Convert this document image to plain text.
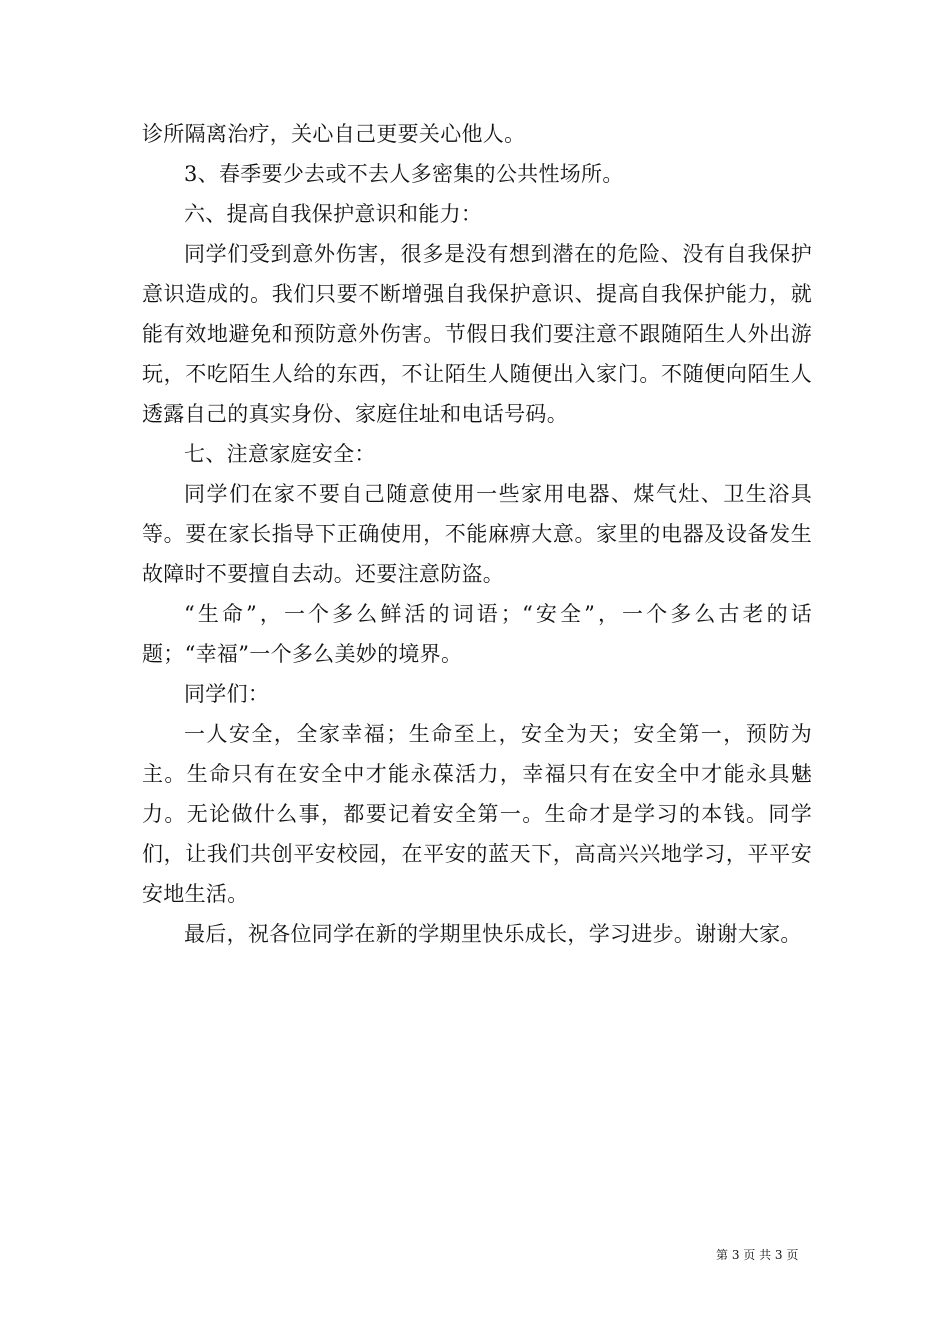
诊所隔离治疗，关心自己更要关心他人。

3、春季要少去或不去人多密集的公共性场所。

六、提高自我保护意识和能力：

同学们受到意外伤害，很多是没有想到潜在的危险、没有自我保护意识造成的。我们只要不断增强自我保护意识、提高自我保护能力，就能有效地避免和预防意外伤害。节假日我们要注意不跟随陌生人外出游玩，不吃陌生人给的东西，不让陌生人随便出入家门。不随便向陌生人透露自己的真实身份、家庭住址和电话号码。

七、注意家庭安全：

同学们在家不要自己随意使用一些家用电器、煤气灶、卫生浴具等。要在家长指导下正确使用，不能麻痹大意。家里的电器及设备发生故障时不要擅自去动。还要注意防盗。

“生命”，一个多么鲜活的词语；“安全”，一个多么古老的话题；“幸福”一个多么美妙的境界。

同学们：

一人安全，全家幸福；生命至上，安全为天；安全第一，预防为主。生命只有在安全中才能永葆活力，幸福只有在安全中才能永具魅力。无论做什么事，都要记着安全第一。生命才是学习的本钱。同学们，让我们共创平安校园，在平安的蓝天下，高高兴兴地学习，平平安安地生活。

最后，祝各位同学在新的学期里快乐成长，学习进步。谢谢大家。

第 3 页 共 3 页
